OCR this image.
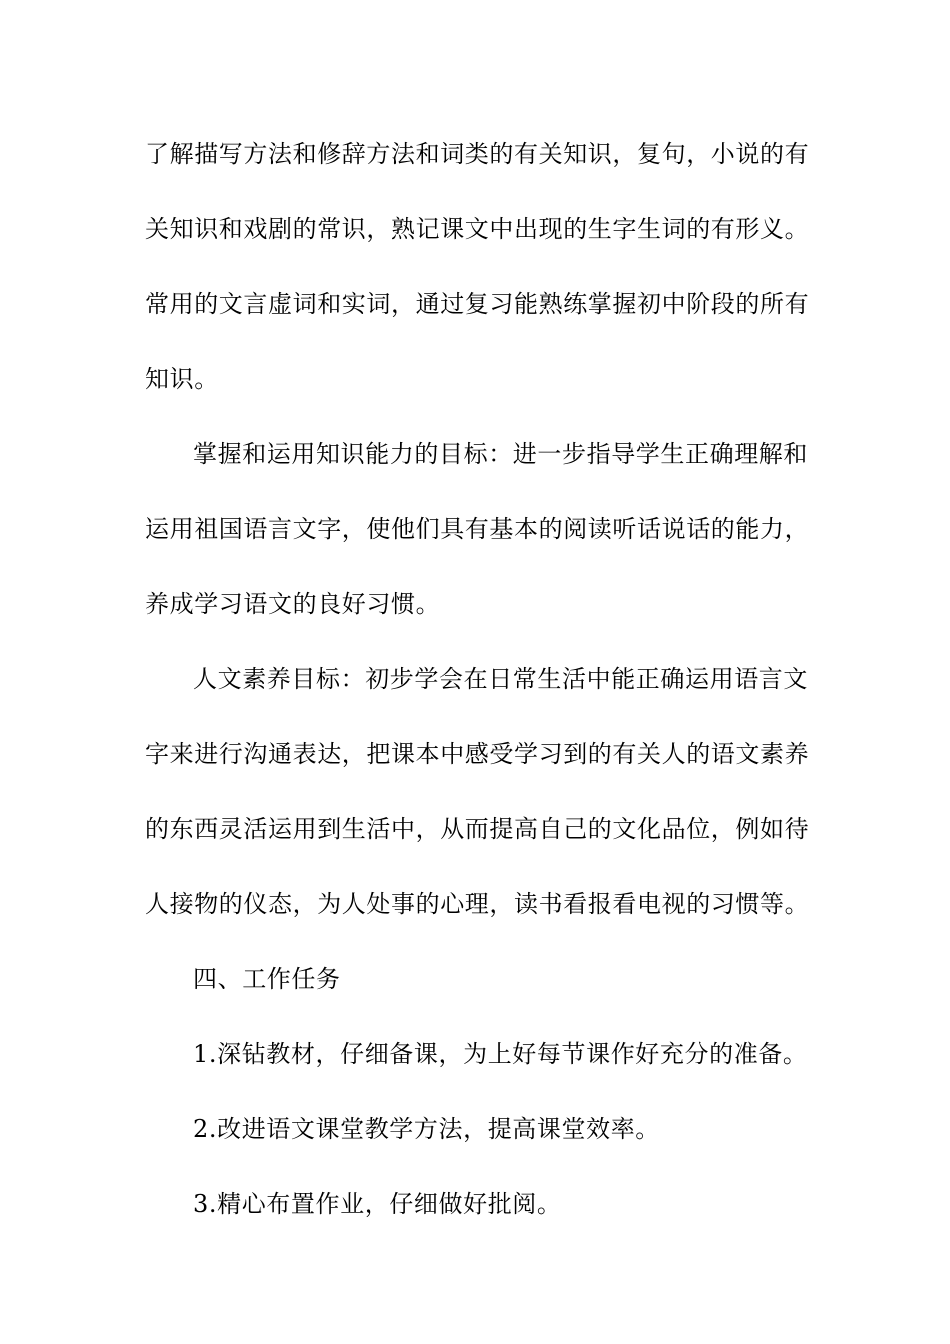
了解描写方法和修辞方法和词类的有关知识，复句，小说的有
关知识和戏剧的常识，熟记课文中出现的生字生词的有形义。
常用的文言虚词和实词，通过复习能熟练掌握初中阶段的所有
知识。
掌握和运用知识能力的目标：进一步指导学生正确理解和
运用祖国语言文字，使他们具有基本的阅读听话说话的能力，
养成学习语文的良好习惯。
人文素养目标：初步学会在日常生活中能正确运用语言文
字来进行沟通表达，把课本中感受学习到的有关人的语文素养
的东西灵活运用到生活中，从而提高自己的文化品位，例如待
人接物的仪态，为人处事的心理，读书看报看电视的习惯等。
四、工作任务
1.深钻教材，仔细备课，为上好每节课作好充分的准备。
2.改进语文课堂教学方法，提高课堂效率。
3.精心布置作业，仔细做好批阅。
